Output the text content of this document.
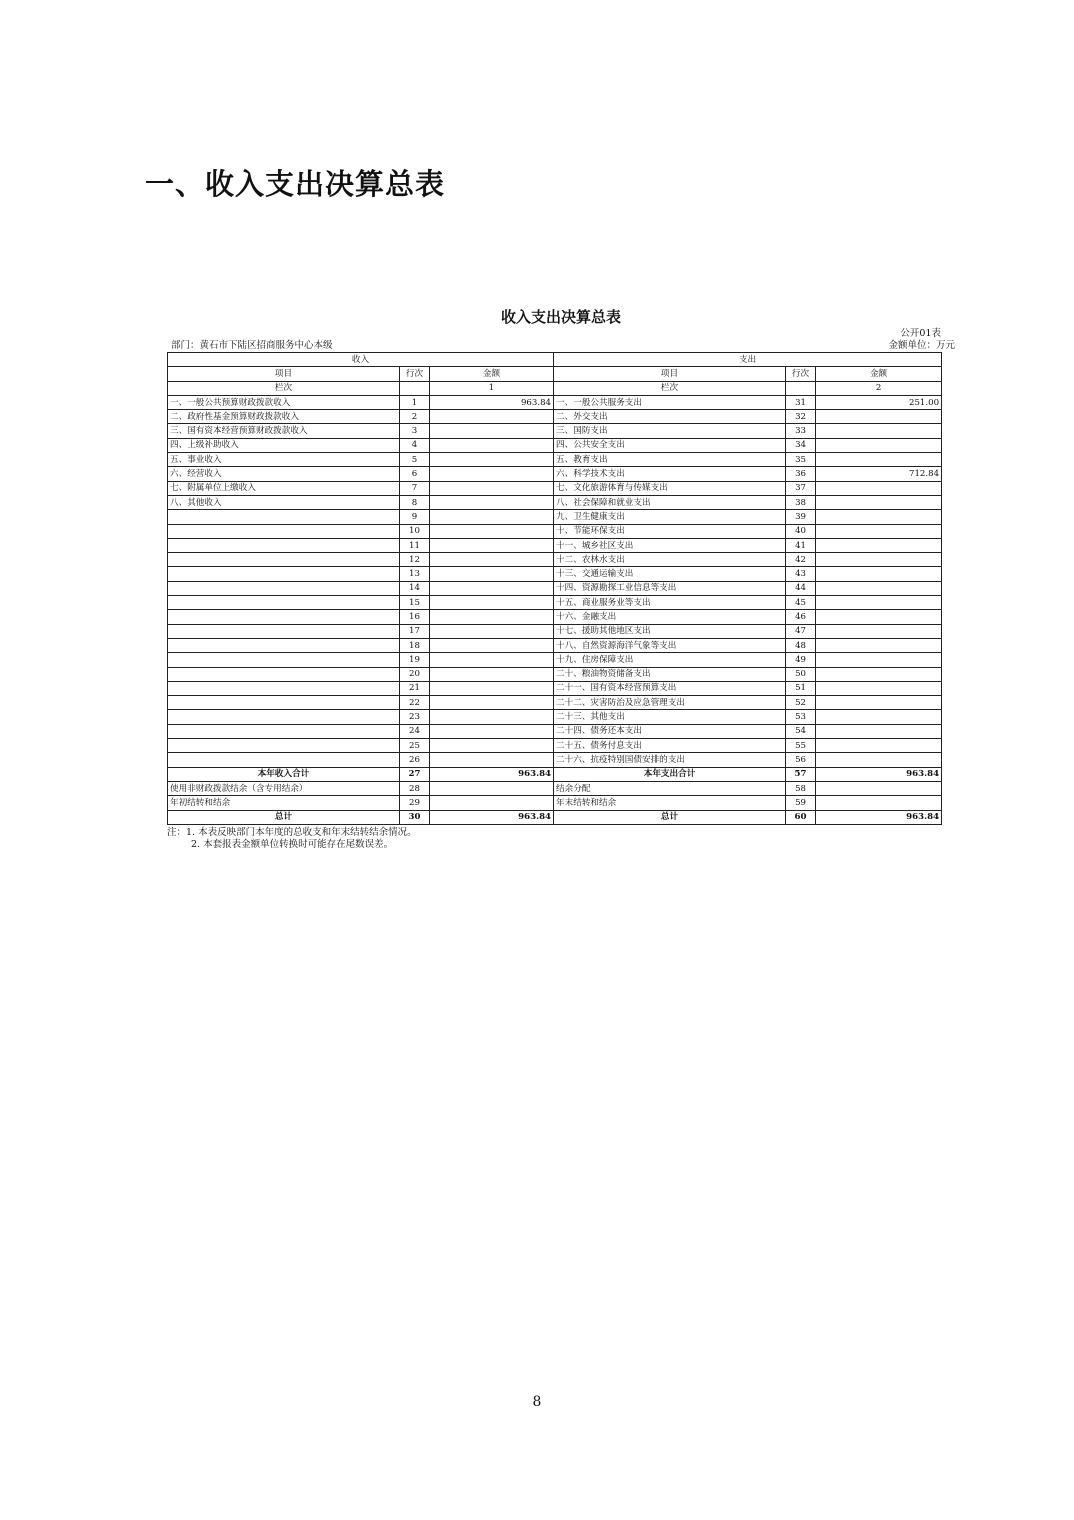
一、收入支出决算总表
收入支出决算总表
公开01表
部门：黄石市下陆区招商服务中心本级	金额单位：万元
收入			支出		
项目	行次	金额	项目	行次	金额
栏次		1	栏次		2
一、一般公共预算财政拨款收入	1	963.84	一、一般公共服务支出	31	251.00
二、政府性基金预算财政拨款收入	2		二、外交支出	32	
三、国有资本经营预算财政拨款收入	3		三、国防支出	33	
四、上级补助收入	4		四、公共安全支出	34	
五、事业收入	5		五、教育支出	35	
六、经营收入	6		六、科学技术支出	36	712.84
七、附属单位上缴收入	7		七、文化旅游体育与传媒支出	37	
八、其他收入	8		八、社会保障和就业支出	38	
	9		九、卫生健康支出	39	
	10		十、节能环保支出	40	
	11		十一、城乡社区支出	41	
	12		十二、农林水支出	42	
	13		十三、交通运输支出	43	
	14		十四、资源勘探工业信息等支出	44	
	15		十五、商业服务业等支出	45	
	16		十六、金融支出	46	
	17		十七、援助其他地区支出	47	
	18		十八、自然资源海洋气象等支出	48	
	19		十九、住房保障支出	49	
	20		二十、粮油物资储备支出	50	
	21		二十一、国有资本经营预算支出	51	
	22		二十二、灾害防治及应急管理支出	52	
	23		二十三、其他支出	53	
	24		二十四、债务还本支出	54	
	25		二十五、债务付息支出	55	
	26		二十六、抗疫特别国债安排的支出	56	
本年收入合计	27	963.84	本年支出合计	57	963.84
使用非财政拨款结余（含专用结余）	28		结余分配	58	
年初结转和结余	29		年末结转和结余	59	
总计	30	963.84	总计	60	963.84
注：1. 本表反映部门本年度的总收支和年末结转结余情况。
2. 本套报表金额单位转换时可能存在尾数误差。
8
